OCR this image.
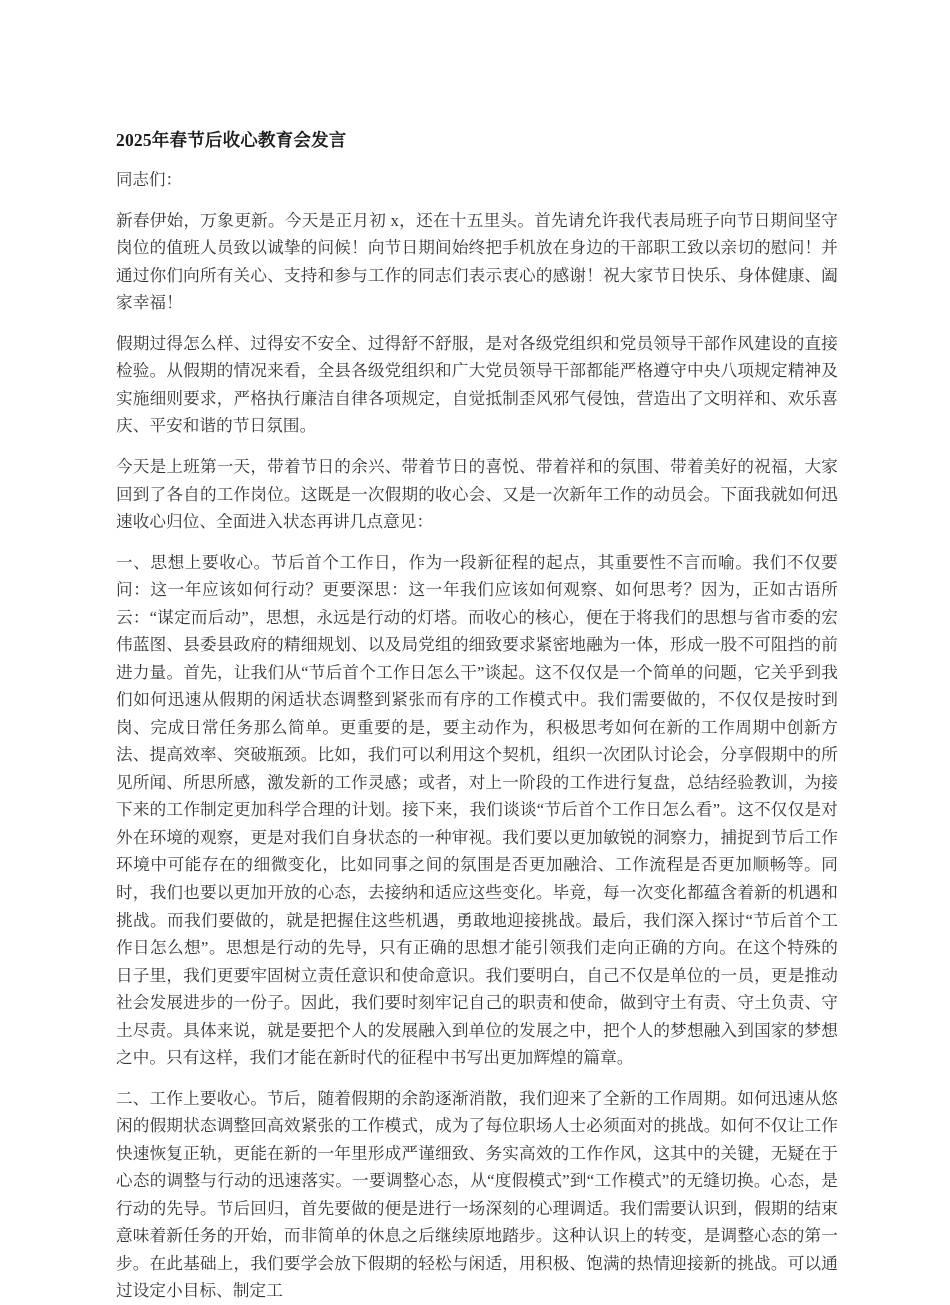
2025年春节后收心教育会发言

同志们：

新春伊始，万象更新。今天是正月初 x，还在十五里头。首先请允许我代表局班子向节日期间坚守岗位的值班人员致以诚挚的问候！向节日期间始终把手机放在身边的干部职工致以亲切的慰问！并通过你们向所有关心、支持和参与工作的同志们表示衷心的感谢！祝大家节日快乐、身体健康、阖家幸福！

假期过得怎么样、过得安不安全、过得舒不舒服，是对各级党组织和党员领导干部作风建设的直接检验。从假期的情况来看，全县各级党组织和广大党员领导干部都能严格遵守中央八项规定精神及实施细则要求，严格执行廉洁自律各项规定，自觉抵制歪风邪气侵蚀，营造出了文明祥和、欢乐喜庆、平安和谐的节日氛围。

今天是上班第一天，带着节日的余兴、带着节日的喜悦、带着祥和的氛围、带着美好的祝福，大家回到了各自的工作岗位。这既是一次假期的收心会、又是一次新年工作的动员会。下面我就如何迅速收心归位、全面进入状态再讲几点意见：

一、思想上要收心。节后首个工作日，作为一段新征程的起点，其重要性不言而喻。我们不仅要问：这一年应该如何行动？更要深思：这一年我们应该如何观察、如何思考？因为，正如古语所云：“谋定而后动”，思想，永远是行动的灯塔。而收心的核心，便在于将我们的思想与省市委的宏伟蓝图、县委县政府的精细规划、以及局党组的细致要求紧密地融为一体，形成一股不可阻挡的前进力量。首先，让我们从“节后首个工作日怎么干”谈起。这不仅仅是一个简单的问题，它关乎到我们如何迅速从假期的闲适状态调整到紧张而有序的工作模式中。我们需要做的，不仅仅是按时到岗、完成日常任务那么简单。更重要的是，要主动作为，积极思考如何在新的工作周期中创新方法、提高效率、突破瓶颈。比如，我们可以利用这个契机，组织一次团队讨论会，分享假期中的所见所闻、所思所感，激发新的工作灵感；或者，对上一阶段的工作进行复盘，总结经验教训，为接下来的工作制定更加科学合理的计划。接下来，我们谈谈“节后首个工作日怎么看”。这不仅仅是对外在环境的观察，更是对我们自身状态的一种审视。我们要以更加敏锐的洞察力，捕捉到节后工作环境中可能存在的细微变化，比如同事之间的氛围是否更加融洽、工作流程是否更加顺畅等。同时，我们也要以更加开放的心态，去接纳和适应这些变化。毕竟，每一次变化都蕴含着新的机遇和挑战。而我们要做的，就是把握住这些机遇，勇敢地迎接挑战。最后，我们深入探讨“节后首个工作日怎么想”。思想是行动的先导，只有正确的思想才能引领我们走向正确的方向。在这个特殊的日子里，我们更要牢固树立责任意识和使命意识。我们要明白，自己不仅是单位的一员，更是推动社会发展进步的一份子。因此，我们要时刻牢记自己的职责和使命，做到守土有责、守土负责、守土尽责。具体来说，就是要把个人的发展融入到单位的发展之中，把个人的梦想融入到国家的梦想之中。只有这样，我们才能在新时代的征程中书写出更加辉煌的篇章。

二、工作上要收心。节后，随着假期的余韵逐渐消散，我们迎来了全新的工作周期。如何迅速从悠闲的假期状态调整回高效紧张的工作模式，成为了每位职场人士必须面对的挑战。如何不仅让工作快速恢复正轨，更能在新的一年里形成严谨细致、务实高效的工作作风，这其中的关键，无疑在于心态的调整与行动的迅速落实。一要调整心态，从“度假模式”到“工作模式”的无缝切换。心态，是行动的先导。节后回归，首先要做的便是进行一场深刻的心理调适。我们需要认识到，假期的结束意味着新任务的开始，而非简单的休息之后继续原地踏步。这种认识上的转变，是调整心态的第一步。在此基础上，我们要学会放下假期的轻松与闲适，用积极、饱满的热情迎接新的挑战。可以通过设定小目标、制定工
